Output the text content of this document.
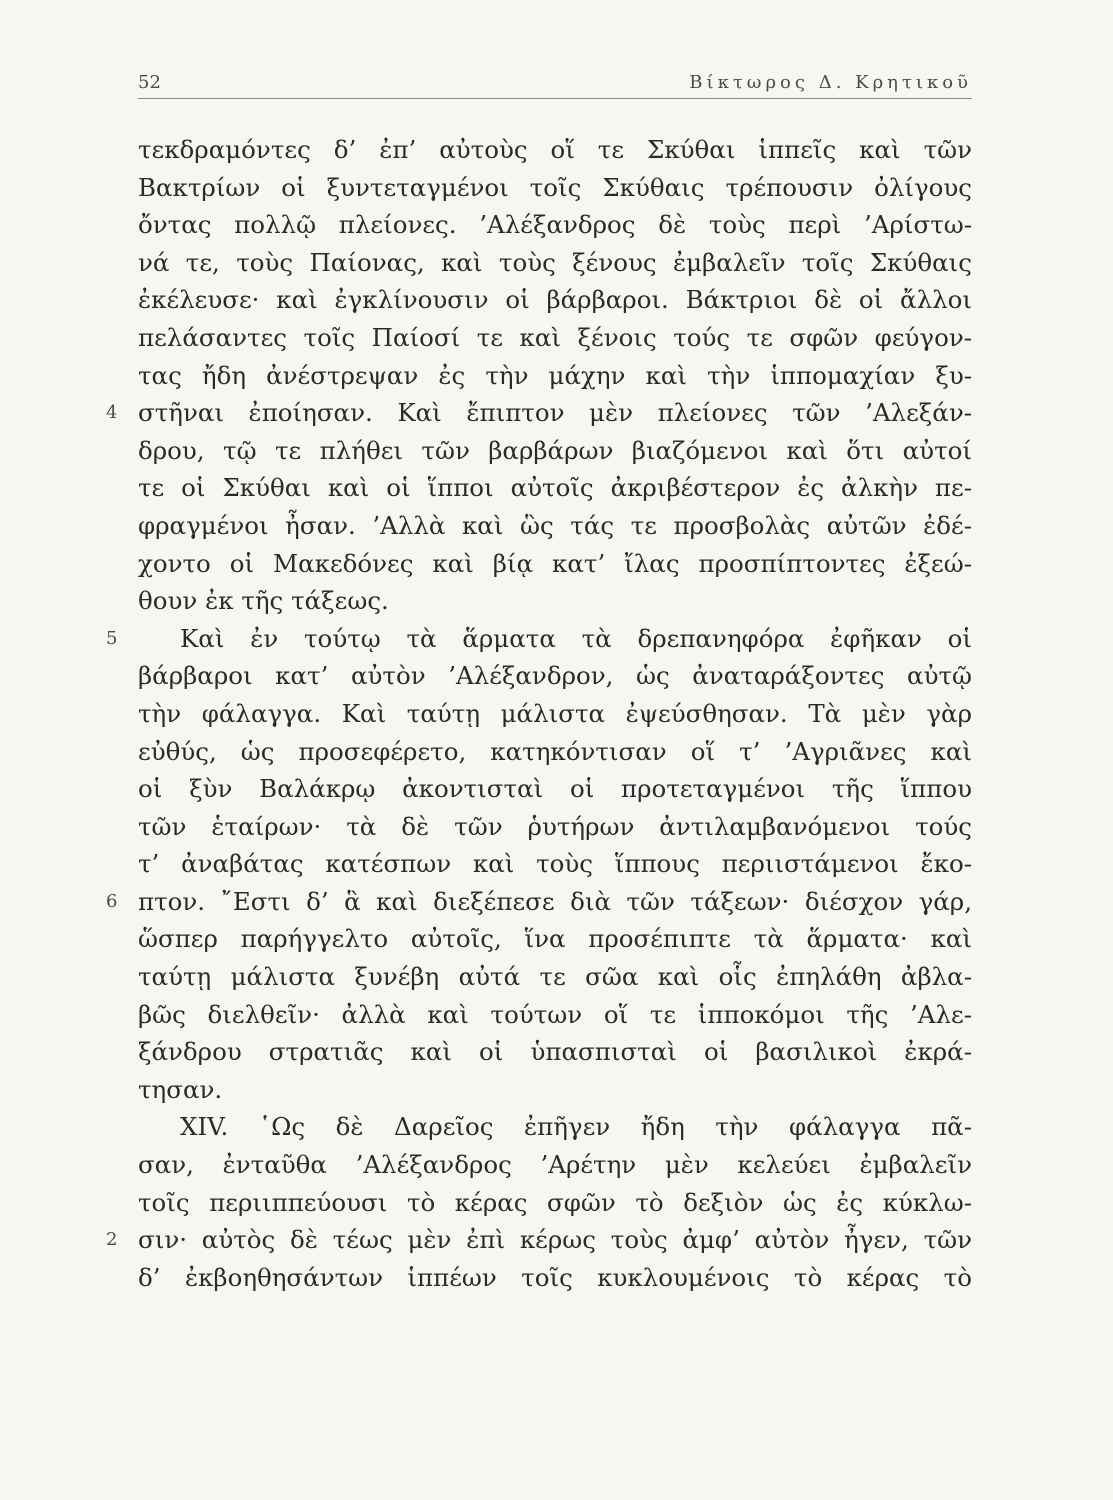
52	Βίκτωρος Δ. Κρητικοῦ
τεκδραμόντες δ’ ἐπ’ αὐτοὺς οἵ τε Σκύθαι ἱππεῖς καὶ τῶν
Βακτρίων οἱ ξυντεταγμένοι τοῖς Σκύθαις τρέπουσιν ὀλίγους
ὄντας πολλῷ πλείονες. ’Αλέξανδρος δὲ τοὺς περὶ ’Αρίστω-
νά τε, τοὺς Παίονας, καὶ τοὺς ξένους ἐμβαλεῖν τοῖς Σκύθαις
ἐκέλευσε· καὶ ἐγκλίνουσιν οἱ βάρβαροι. Βάκτριοι δὲ οἱ ἄλλοι
πελάσαντες τοῖς Παίοσί τε καὶ ξένοις τούς τε σφῶν φεύγον-
τας ἤδη ἀνέστρεψαν ἐς τὴν μάχην καὶ τὴν ἱππομαχίαν ξυ-
4 στῆναι ἐποίησαν. Καὶ ἔπιπτον μὲν πλείονες τῶν ’Αλεξάν-
δρου, τῷ τε πλήθει τῶν βαρβάρων βιαζόμενοι καὶ ὅτι αὐτοί
τε οἱ Σκύθαι καὶ οἱ ἵπποι αὐτοῖς ἀκριβέστερον ἐς ἀλκὴν πε-
φραγμένοι ἦσαν. ’Αλλὰ καὶ ὣς τάς τε προσβολὰς αὐτῶν ἐδέ-
χοντο οἱ Μακεδόνες καὶ βίᾳ κατ’ ἴλας προσπίπτοντες ἐξεώ-
θουν ἐκ τῆς τάξεως.
5	Καὶ ἐν τούτῳ τὰ ἅρματα τὰ δρεπανηφόρα ἐφῆκαν οἱ
βάρβαροι κατ’ αὐτὸν ’Αλέξανδρον, ὡς ἀναταράξοντες αὐτῷ
τὴν φάλαγγα. Καὶ ταύτῃ μάλιστα ἐψεύσθησαν. Τὰ μὲν γὰρ
εὐθύς, ὡς προσεφέρετο, κατηκόντισαν οἵ τ’ ’Αγριᾶνες καὶ
οἱ ξὺν Βαλάκρῳ ἀκοντισταὶ οἱ προτεταγμένοι τῆς ἵππου
τῶν ἑταίρων· τὰ δὲ τῶν ῥυτήρων ἀντιλαμβανόμενοι τούς
τ’ ἀναβάτας κατέσπων καὶ τοὺς ἵππους περιιστάμενοι ἔκο-
6 πτον. ῎Εστι δ’ ἃ καὶ διεξέπεσε διὰ τῶν τάξεων· διέσχον γάρ,
ὥσπερ παρήγγελτο αὐτοῖς, ἵνα προσέπιπτε τὰ ἅρματα· καὶ
ταύτῃ μάλιστα ξυνέβη αὐτά τε σῶα καὶ οἷς ἐπηλάθη ἀβλα-
βῶς διελθεῖν· ἀλλὰ καὶ τούτων οἵ τε ἱπποκόμοι τῆς ’Αλε-
ξάνδρου στρατιᾶς καὶ οἱ ὑπασπισταὶ οἱ βασιλικοὶ ἐκρά-
τησαν.
XIV. ῾Ως δὲ Δαρεῖος ἐπῆγεν ἤδη τὴν φάλαγγα πᾶ-
σαν, ἐνταῦθα ’Αλέξανδρος ’Αρέτην μὲν κελεύει ἐμβαλεῖν
τοῖς περιιππεύουσι τὸ κέρας σφῶν τὸ δεξιὸν ὡς ἐς κύκλω-
2 σιν· αὐτὸς δὲ τέως μὲν ἐπὶ κέρως τοὺς ἀμφ’ αὐτὸν ἦγεν, τῶν
δ’ ἐκβοηθησάντων ἱππέων τοῖς κυκλουμένοις τὸ κέρας τὸ
